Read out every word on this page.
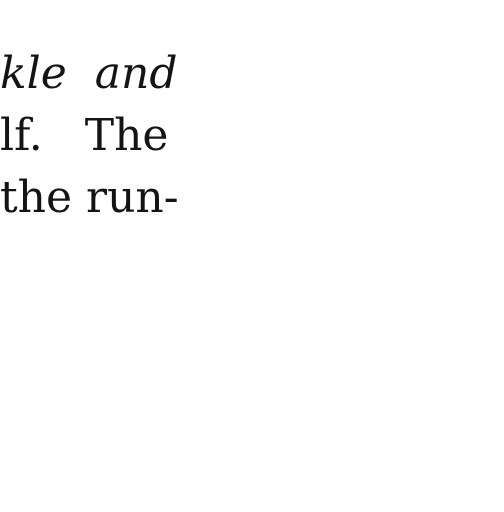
kle  and

lf.   The

the run-
